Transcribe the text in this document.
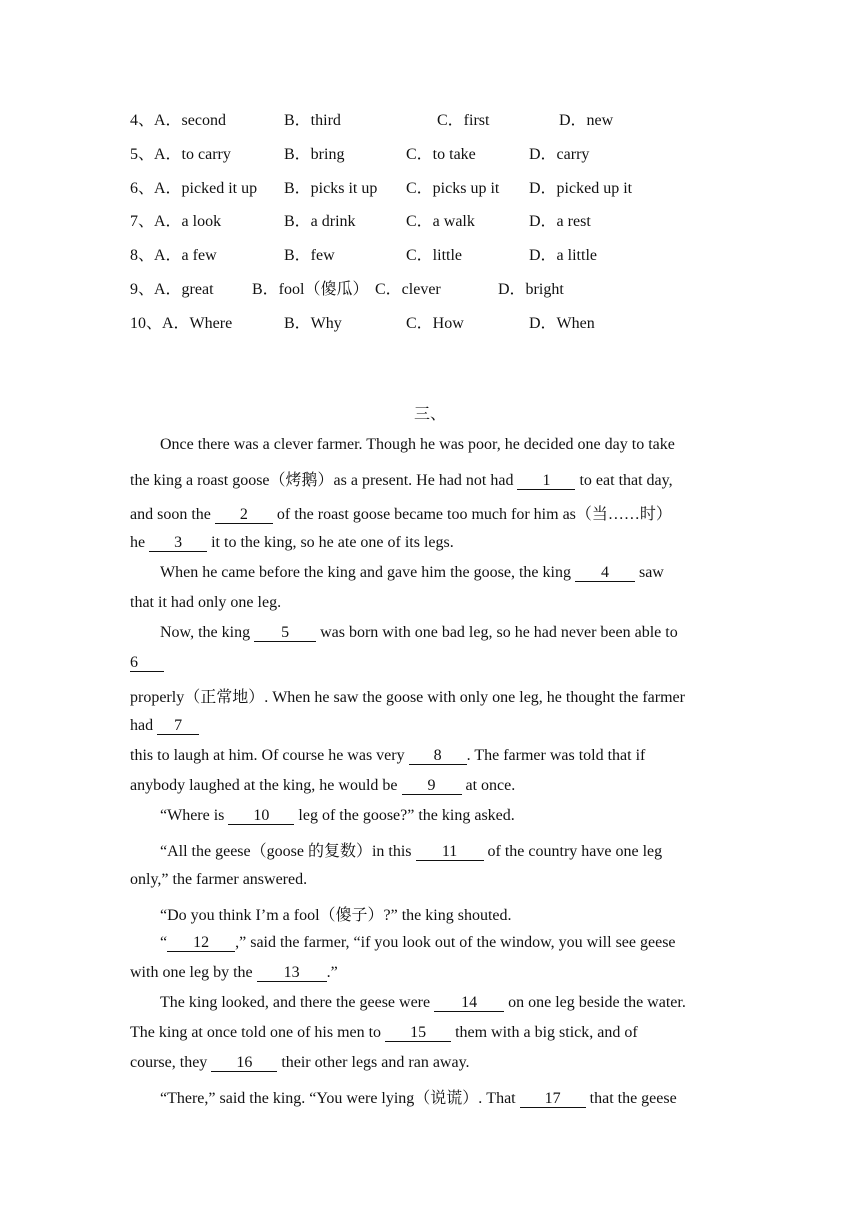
4、A．second	B．third	C．first	D．new
5、A．to carry	B．bring	C．to take	D．carry
6、A．picked it up B．picks it up C．picks up it D．picked up it
7、A．a look	B．a drink	C．a walk	D．a rest
8、A．a few	B．few	C．little	D．a little
9、A．great B．fool（傻瓜） C．clever	D．bright
10、A．Where	B．Why	C．How	D．When
三、
Once there was a clever farmer. Though he was poor, he decided one day to take
the king a roast goose（烤鹅）as a present. He had not had 1 to eat that day,
and soon the 2 of the roast goose became too much for him as（当……时）
he 3 it to the king, so he ate one of its legs.
When he came before the king and gave him the goose, the king 4 saw
that it had only one leg.
Now, the king 5 was born with one bad leg, so he had never been able to
6
properly（正常地）. When he saw the goose with only one leg, he thought the farmer
had 7
this to laugh at him. Of course he was very 8 . The farmer was told that if
anybody laughed at the king, he would be 9 at once.
“Where is 10 leg of the goose?” the king asked.
“All the geese（goose 的复数）in this 11 of the country have one leg
only,” the farmer answered.
“Do you think I’m a fool（傻子）?” the king shouted.
“ 12 ,” said the farmer, “if you look out of the window, you will see geese
with one leg by the 13 .”
The king looked, and there the geese were 14 on one leg beside the water.
The king at once told one of his men to 15 them with a big stick, and of
course, they 16 their other legs and ran away.
“There,” said the king. “You were lying（说谎）. That 17 that the geese
